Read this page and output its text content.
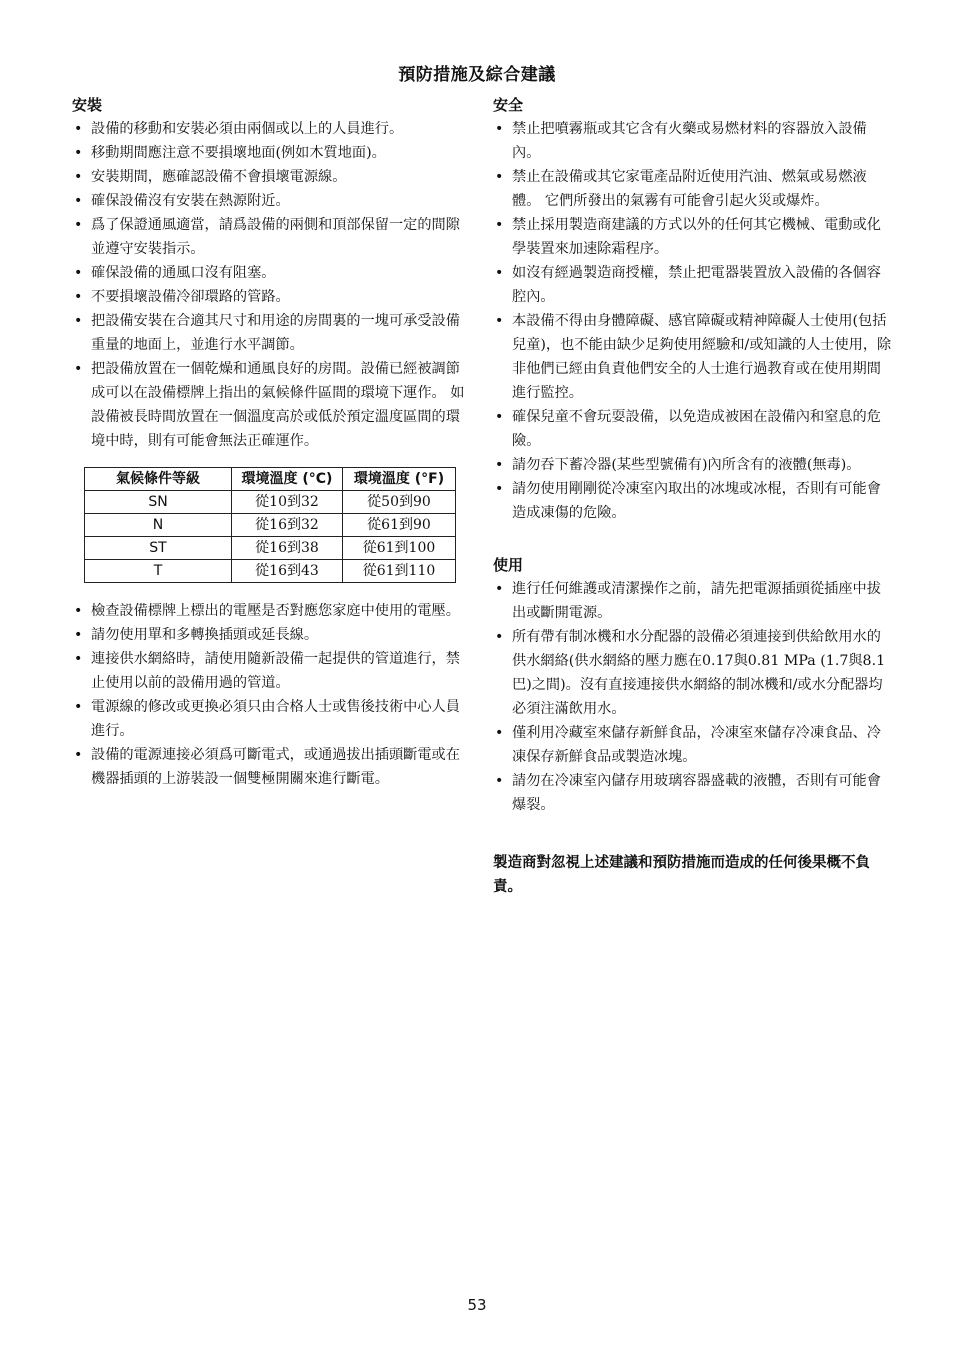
預防措施及綜合建議
安裝
• 設備的移動和安裝必須由兩個或以上的人員進行。
• 移動期間應注意不要損壞地面(例如木質地面)。
• 安裝期間，應確認設備不會損壞電源線。
• 確保設備沒有安裝在熱源附近。
• 爲了保證通風適當，請爲設備的兩側和頂部保留一定的間隙並遵守安裝指示。
• 確保設備的通風口沒有阻塞。
• 不要損壞設備冷卻環路的管路。
• 把設備安裝在合適其尺寸和用途的房間裏的一塊可承受設備重量的地面上，並進行水平調節。
• 把設備放置在一個乾燥和通風良好的房間。設備已經被調節成可以在設備標牌上指出的氣候條件區間的環境下運作。 如設備被長時間放置在一個溫度高於或低於預定溫度區間的環境中時，則有可能會無法正確運作。
氣候條件等級	環境溫度 (°C)	環境溫度 (°F)
SN	從10到32	從50到90
N	從16到32	從61到90
ST	從16到38	從61到100
T	從16到43	從61到110
• 檢查設備標牌上標出的電壓是否對應您家庭中使用的電壓。
• 請勿使用單和多轉換插頭或延長線。
• 連接供水網絡時，請使用隨新設備一起提供的管道進行，禁止使用以前的設備用過的管道。
• 電源線的修改或更換必須只由合格人士或售後技術中心人員進行。
• 設備的電源連接必須爲可斷電式，或通過拔出插頭斷電或在機器插頭的上游裝設一個雙極開關來進行斷電。
安全
• 禁止把噴霧瓶或其它含有火藥或易燃材料的容器放入設備內。
• 禁止在設備或其它家電產品附近使用汽油、燃氣或易燃液體。 它們所發出的氣霧有可能會引起火災或爆炸。
• 禁止採用製造商建議的方式以外的任何其它機械、電動或化學裝置來加速除霜程序。
• 如沒有經過製造商授權，禁止把電器裝置放入設備的各個容腔內。
• 本設備不得由身體障礙、感官障礙或精神障礙人士使用(包括兒童)，也不能由缺少足夠使用經驗和/或知識的人士使用，除非他們已經由負責他們安全的人士進行過教育或在使用期間進行監控。
• 確保兒童不會玩耍設備，以免造成被困在設備內和窒息的危險。
• 請勿吞下蓄冷器(某些型號備有)內所含有的液體(無毒)。
• 請勿使用剛剛從冷凍室內取出的冰塊或冰棍，否則有可能會造成凍傷的危險。
使用
• 進行任何維護或清潔操作之前，請先把電源插頭從插座中拔出或斷開電源。
• 所有帶有制冰機和水分配器的設備必須連接到供給飲用水的供水網絡(供水網絡的壓力應在0.17與0.81 MPa (1.7與8.1巴)之間)。沒有直接連接供水網絡的制冰機和/或水分配器均必須注滿飲用水。
• 僅利用冷藏室來儲存新鮮食品，冷凍室來儲存冷凍食品、冷凍保存新鮮食品或製造冰塊。
• 請勿在冷凍室內儲存用玻璃容器盛載的液體，否則有可能會爆裂。
製造商對忽視上述建議和預防措施而造成的任何後果概不負責。
53
